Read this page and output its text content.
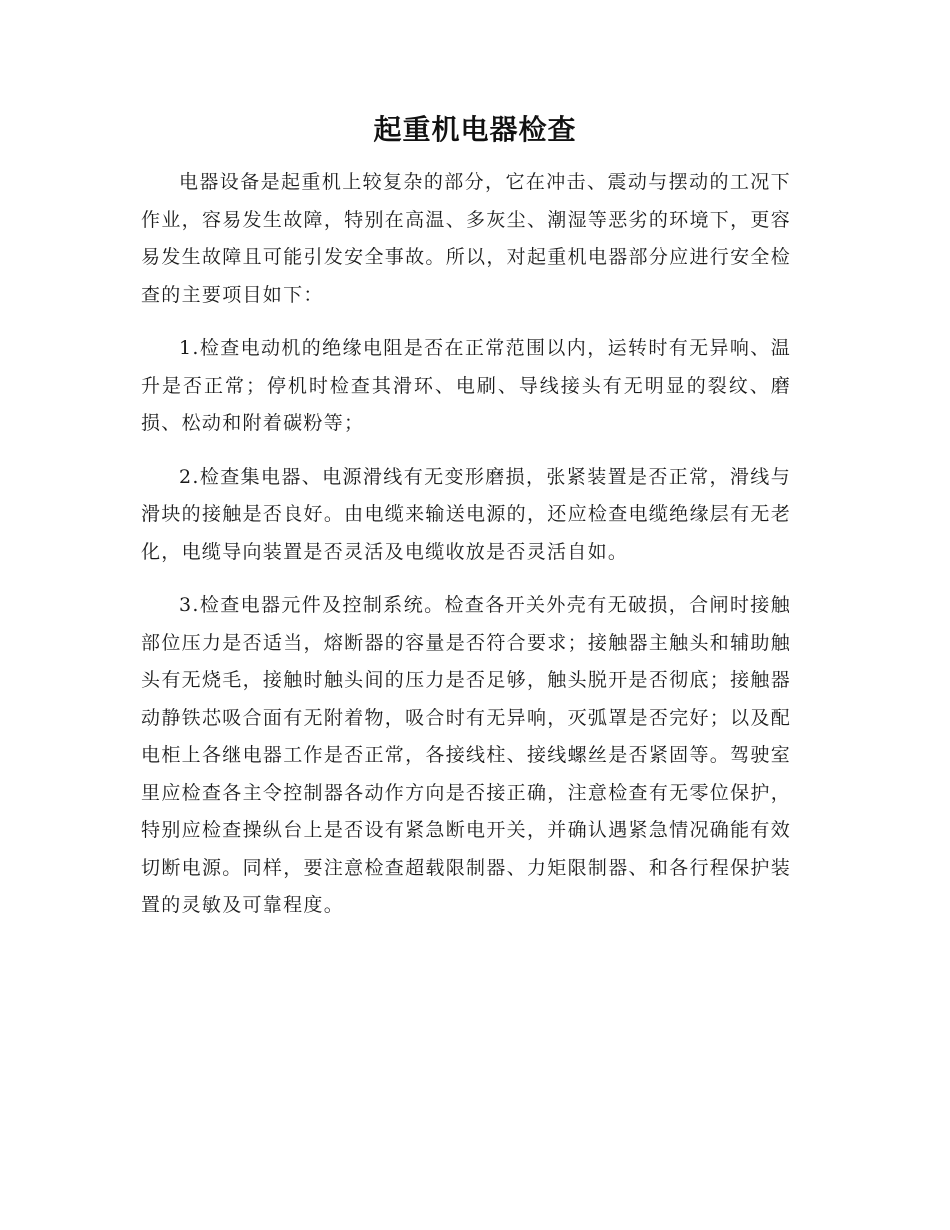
起重机电器检查

电器设备是起重机上较复杂的部分，它在冲击、震动与摆动的工况下作业，容易发生故障，特别在高温、多灰尘、潮湿等恶劣的环境下，更容易发生故障且可能引发安全事故。所以，对起重机电器部分应进行安全检查的主要项目如下：

1.检查电动机的绝缘电阻是否在正常范围以内，运转时有无异响、温升是否正常；停机时检查其滑环、电刷、导线接头有无明显的裂纹、磨损、松动和附着碳粉等；

2.检查集电器、电源滑线有无变形磨损，张紧装置是否正常，滑线与滑块的接触是否良好。由电缆来输送电源的，还应检查电缆绝缘层有无老化，电缆导向装置是否灵活及电缆收放是否灵活自如。

3.检查电器元件及控制系统。检查各开关外壳有无破损，合闸时接触部位压力是否适当，熔断器的容量是否符合要求；接触器主触头和辅助触头有无烧毛，接触时触头间的压力是否足够，触头脱开是否彻底；接触器动静铁芯吸合面有无附着物，吸合时有无异响，灭弧罩是否完好；以及配电柜上各继电器工作是否正常，各接线柱、接线螺丝是否紧固等。驾驶室里应检查各主令控制器各动作方向是否接正确，注意检查有无零位保护，特别应检查操纵台上是否设有紧急断电开关，并确认遇紧急情况确能有效切断电源。同样，要注意检查超载限制器、力矩限制器、和各行程保护装置的灵敏及可靠程度。
